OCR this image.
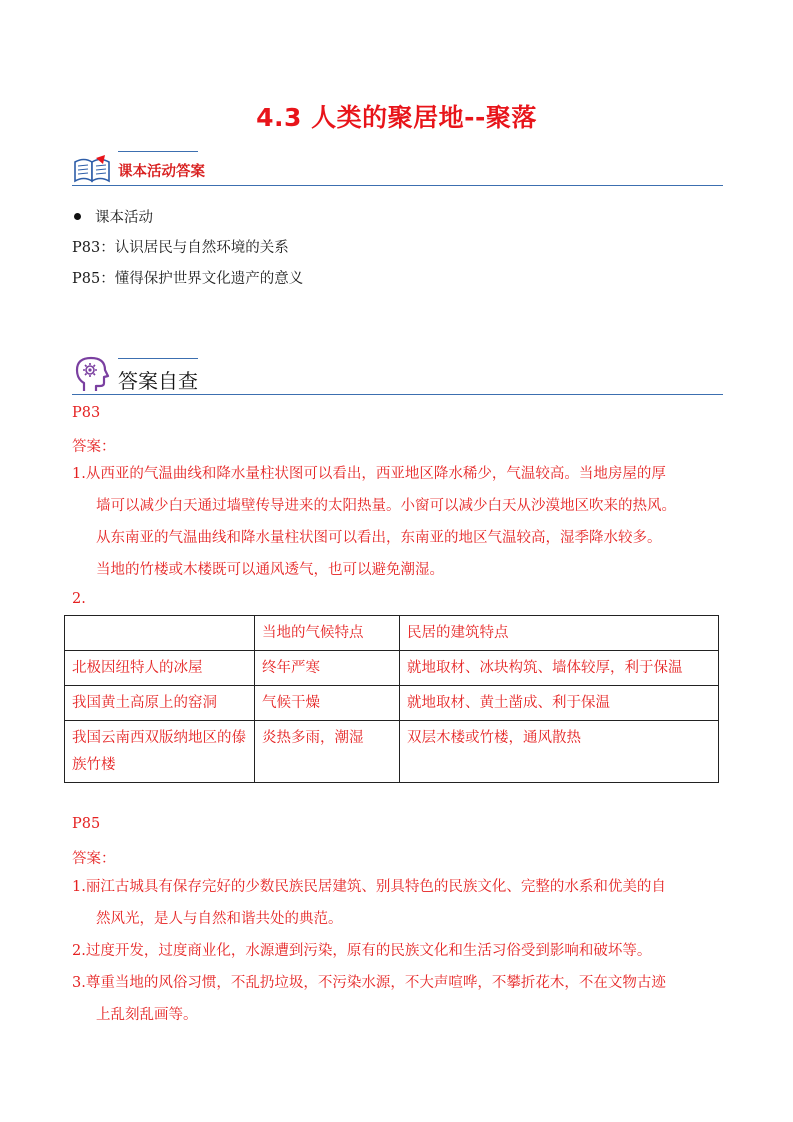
4.3 人类的聚居地--聚落
课本活动答案
课本活动
P83：认识居民与自然环境的关系
P85：懂得保护世界文化遗产的意义
答案自查
P83
答案：
1.从西亚的气温曲线和降水量柱状图可以看出，西亚地区降水稀少，气温较高。当地房屋的厚
墙可以减少白天通过墙壁传导进来的太阳热量。小窗可以减少白天从沙漠地区吹来的热风。
从东南亚的气温曲线和降水量柱状图可以看出，东南亚的地区气温较高，湿季降水较多。
当地的竹楼或木楼既可以通风透气，也可以避免潮湿。
2.
	当地的气候特点	民居的建筑特点
北极因纽特人的冰屋	终年严寒	就地取材、冰块构筑、墙体较厚，利于保温
我国黄土高原上的窑洞	气候干燥	就地取材、黄土凿成、利于保温
我国云南西双版纳地区的傣族竹楼	炎热多雨，潮湿	双层木楼或竹楼，通风散热
P85
答案：
1.丽江古城具有保存完好的少数民族民居建筑、别具特色的民族文化、完整的水系和优美的自
然风光，是人与自然和谐共处的典范。
2.过度开发，过度商业化，水源遭到污染，原有的民族文化和生活习俗受到影响和破坏等。
3.尊重当地的风俗习惯，不乱扔垃圾，不污染水源，不大声喧哗，不攀折花木，不在文物古迹
上乱刻乱画等。
